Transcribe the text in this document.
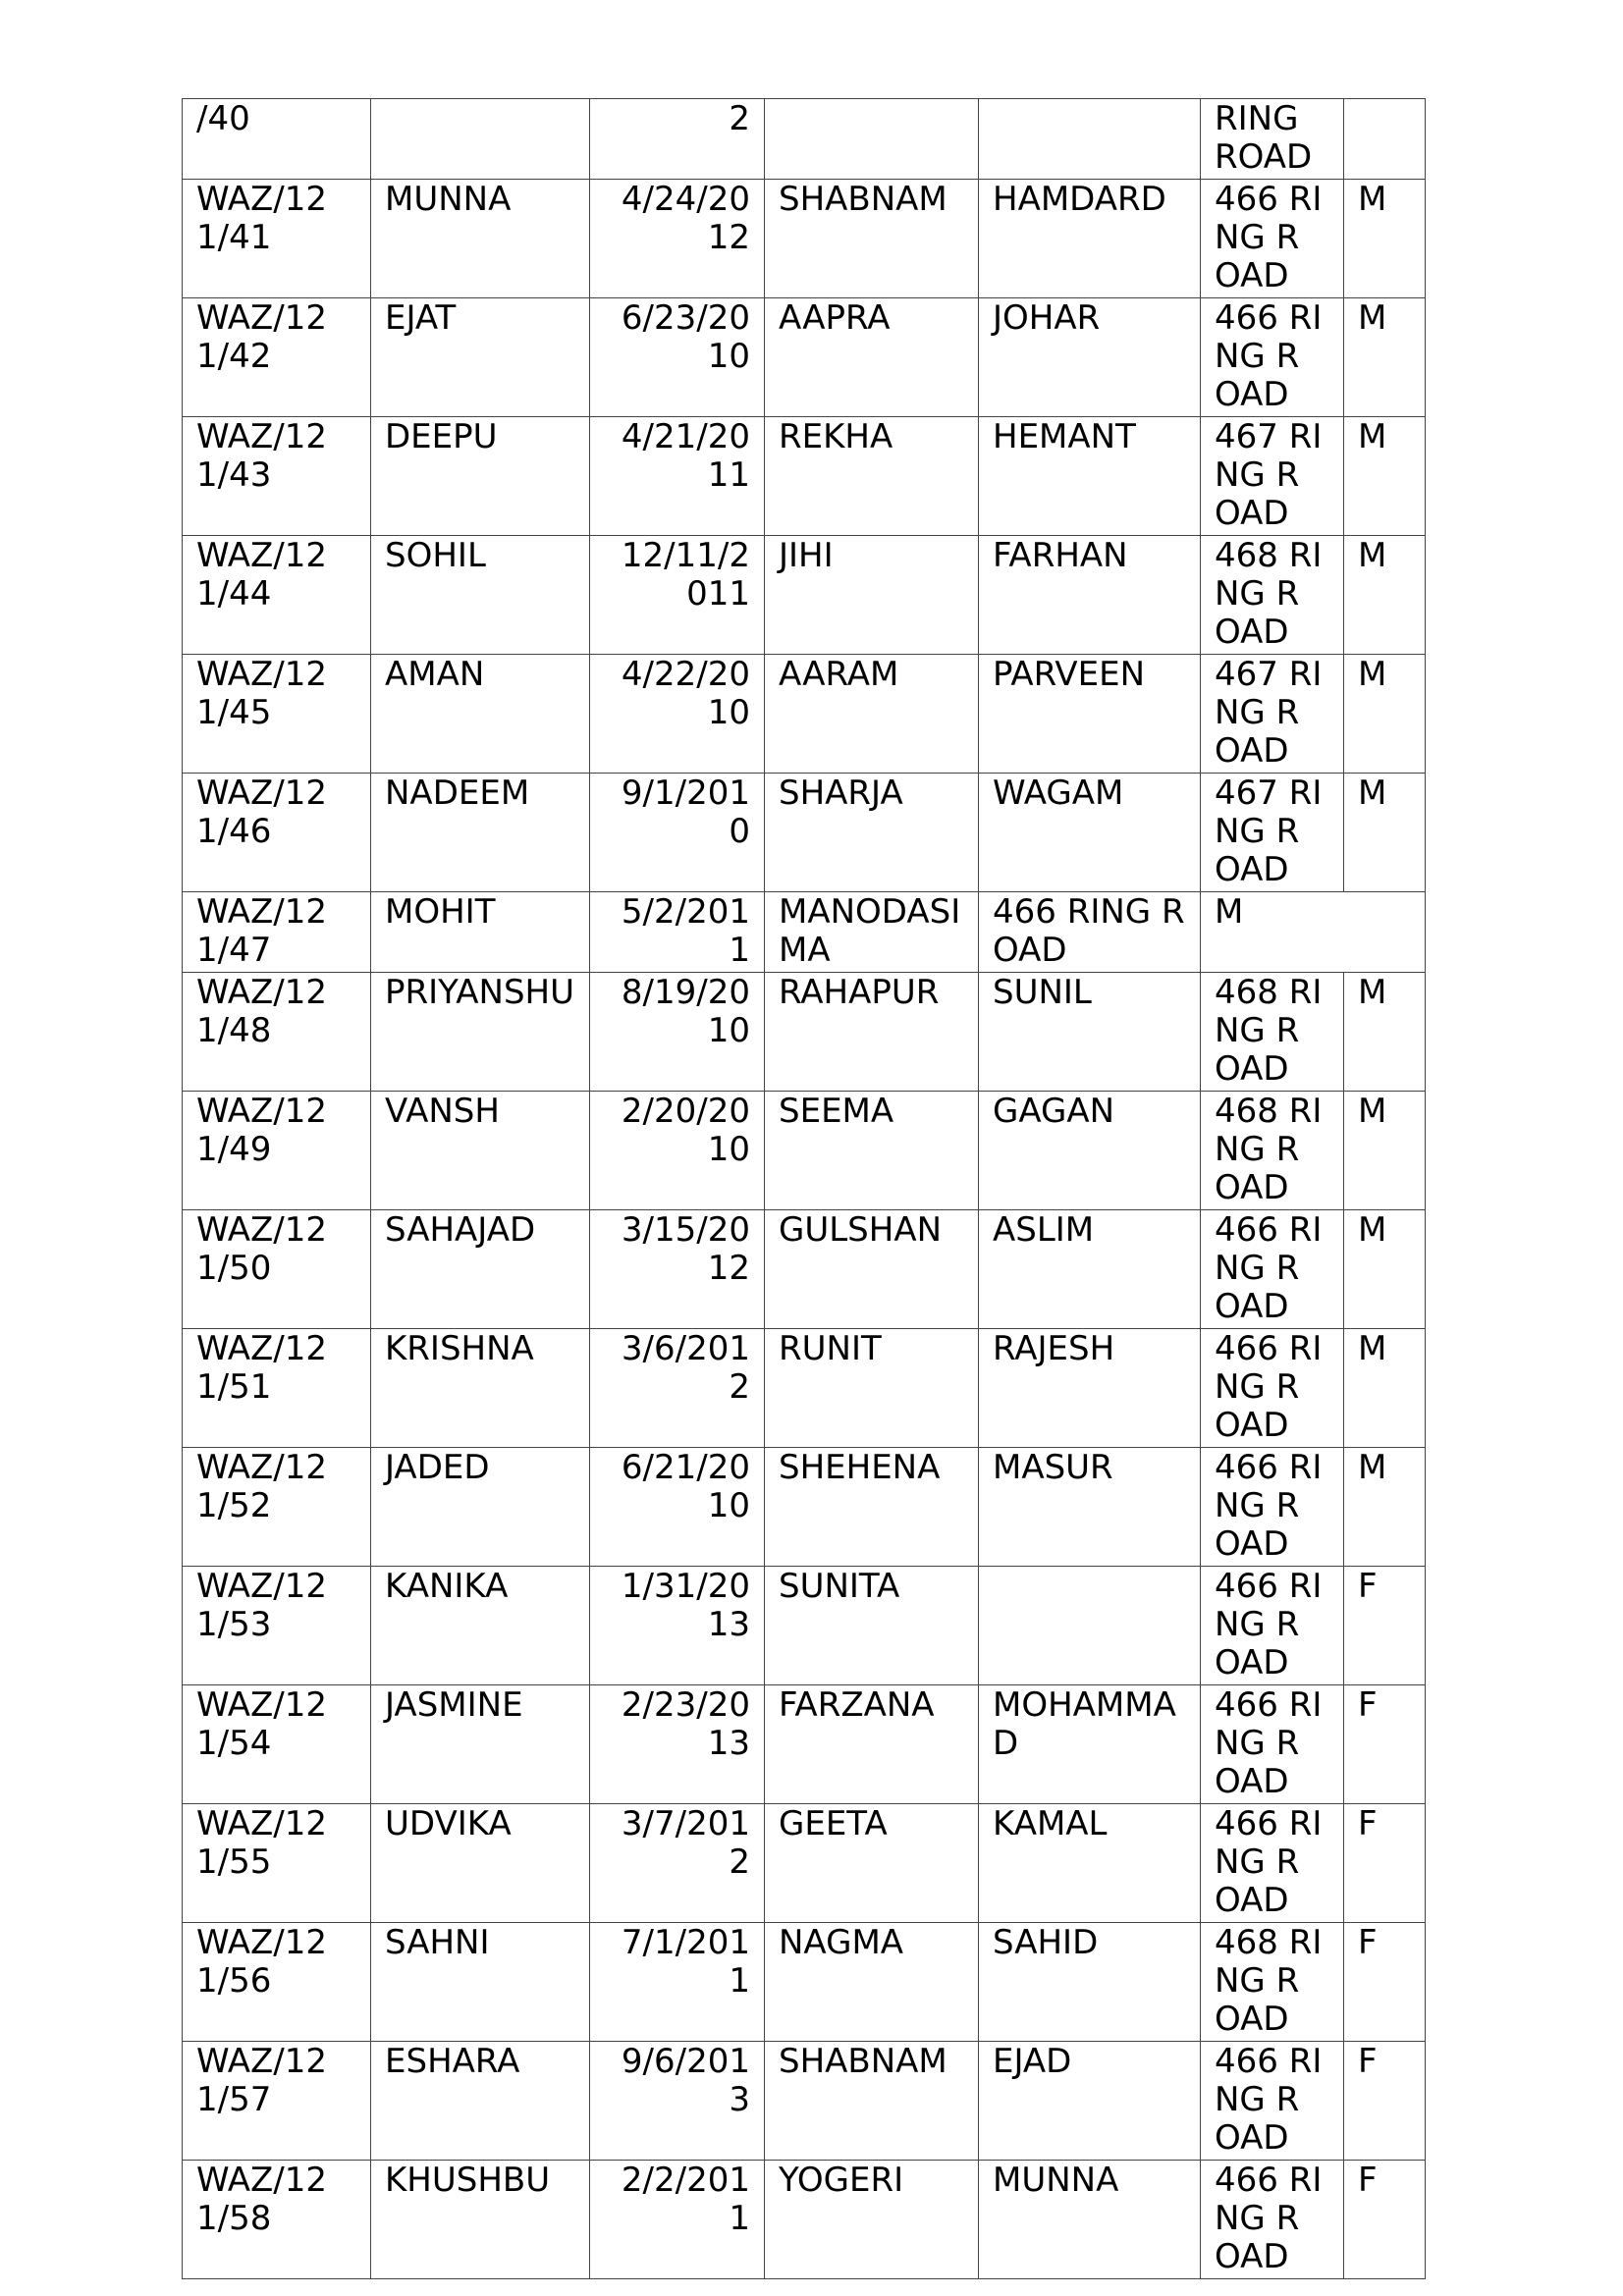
/40		2			RING ROAD	
WAZ/121/41	MUNNA	4/24/2012	SHABNAM	HAMDARD	466 RING ROAD	M
WAZ/121/42	EJAT	6/23/2010	AAPRA	JOHAR	466 RING ROAD	M
WAZ/121/43	DEEPU	4/21/2011	REKHA	HEMANT	467 RING ROAD	M
WAZ/121/44	SOHIL	12/11/2011	JIHI	FARHAN	468 RING ROAD	M
WAZ/121/45	AMAN	4/22/2010	AARAM	PARVEEN	467 RING ROAD	M
WAZ/121/46	NADEEM	9/1/2010	SHARJA	WAGAM	467 RING ROAD	M
WAZ/121/47	MOHIT	5/2/2011	MANODASIMA	466 RING ROAD	M	
WAZ/121/48	PRIYANSHU	8/19/2010	RAHAPUR	SUNIL	468 RING ROAD	M
WAZ/121/49	VANSH	2/20/2010	SEEMA	GAGAN	468 RING ROAD	M
WAZ/121/50	SAHAJAD	3/15/2012	GULSHAN	ASLIM	466 RING ROAD	M
WAZ/121/51	KRISHNA	3/6/2012	RUNIT	RAJESH	466 RING ROAD	M
WAZ/121/52	JADED	6/21/2010	SHEHENA	MASUR	466 RING ROAD	M
WAZ/121/53	KANIKA	1/31/2013	SUNITA		466 RING ROAD	F
WAZ/121/54	JASMINE	2/23/2013	FARZANA	MOHAMMAD	466 RING ROAD	F
WAZ/121/55	UDVIKA	3/7/2012	GEETA	KAMAL	466 RING ROAD	F
WAZ/121/56	SAHNI	7/1/2011	NAGMA	SAHID	468 RING ROAD	F
WAZ/121/57	ESHARA	9/6/2013	SHABNAM	EJAD	466 RING ROAD	F
WAZ/121/58	KHUSHBU	2/2/2011	YOGERI	MUNNA	466 RING ROAD	F
